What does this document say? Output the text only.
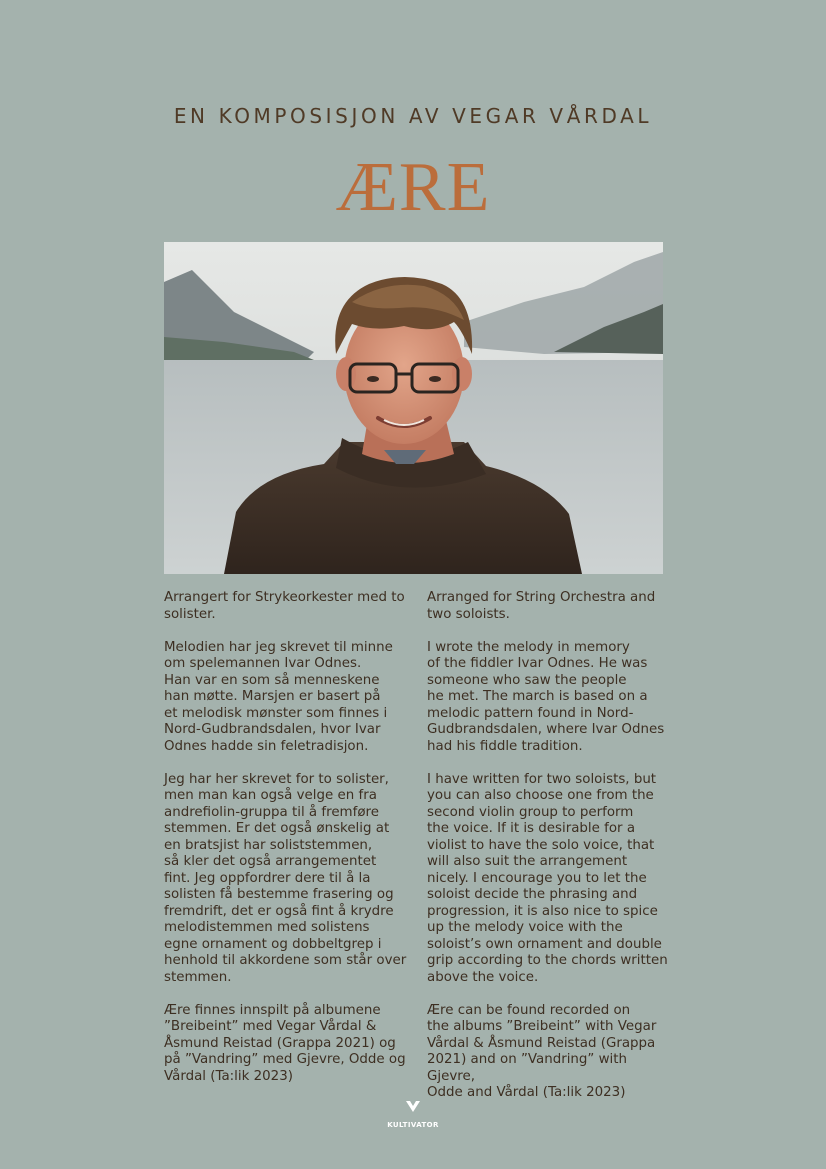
EN KOMPOSISJON AV VEGAR VÅRDAL
ÆRE

Arrangert for Strykeorkester med to
solister.

Melodien har jeg skrevet til minne
om spelemannen Ivar Odnes.
Han var en som så menneskene
han møtte. Marsjen er basert på
et melodisk mønster som finnes i
Nord-Gudbrandsdalen, hvor Ivar
Odnes hadde sin feletradisjon.

Jeg har her skrevet for to solister,
men man kan også velge en fra
andrefiolin-gruppa til å fremføre
stemmen. Er det også ønskelig at
en bratsjist har soliststemmen,
så kler det også arrangementet
fint. Jeg oppfordrer dere til å la
solisten få bestemme frasering og
fremdrift, det er også fint å krydre
melodistemmen med solistens
egne ornament og dobbeltgrep i
henhold til akkordene som står over
stemmen.

Ære finnes innspilt på albumene
”Breibeint” med Vegar Vårdal &
Åsmund Reistad (Grappa 2021) og
på ”Vandring” med Gjevre, Odde og
Vårdal (Ta:lik 2023)

Arranged for String Orchestra and
two soloists.

I wrote the melody in memory
of the fiddler Ivar Odnes. He was
someone who saw the people
he met. The march is based on a
melodic pattern found in Nord-
Gudbrandsdalen, where Ivar Odnes
had his fiddle tradition.

I have written for two soloists, but
you can also choose one from the
second violin group to perform
the voice. If it is desirable for a
violist to have the solo voice, that
will also suit the arrangement
nicely. I encourage you to let the
soloist decide the phrasing and
progression, it is also nice to spice
up the melody voice with the
soloist’s own ornament and double
grip according to the chords written
above the voice.

Ære can be found recorded on
the albums ”Breibeint” with Vegar
Vårdal & Åsmund Reistad (Grappa
2021) and on ”Vandring” with Gjevre,
Odde and Vårdal (Ta:lik 2023)

KULTIVATOR
